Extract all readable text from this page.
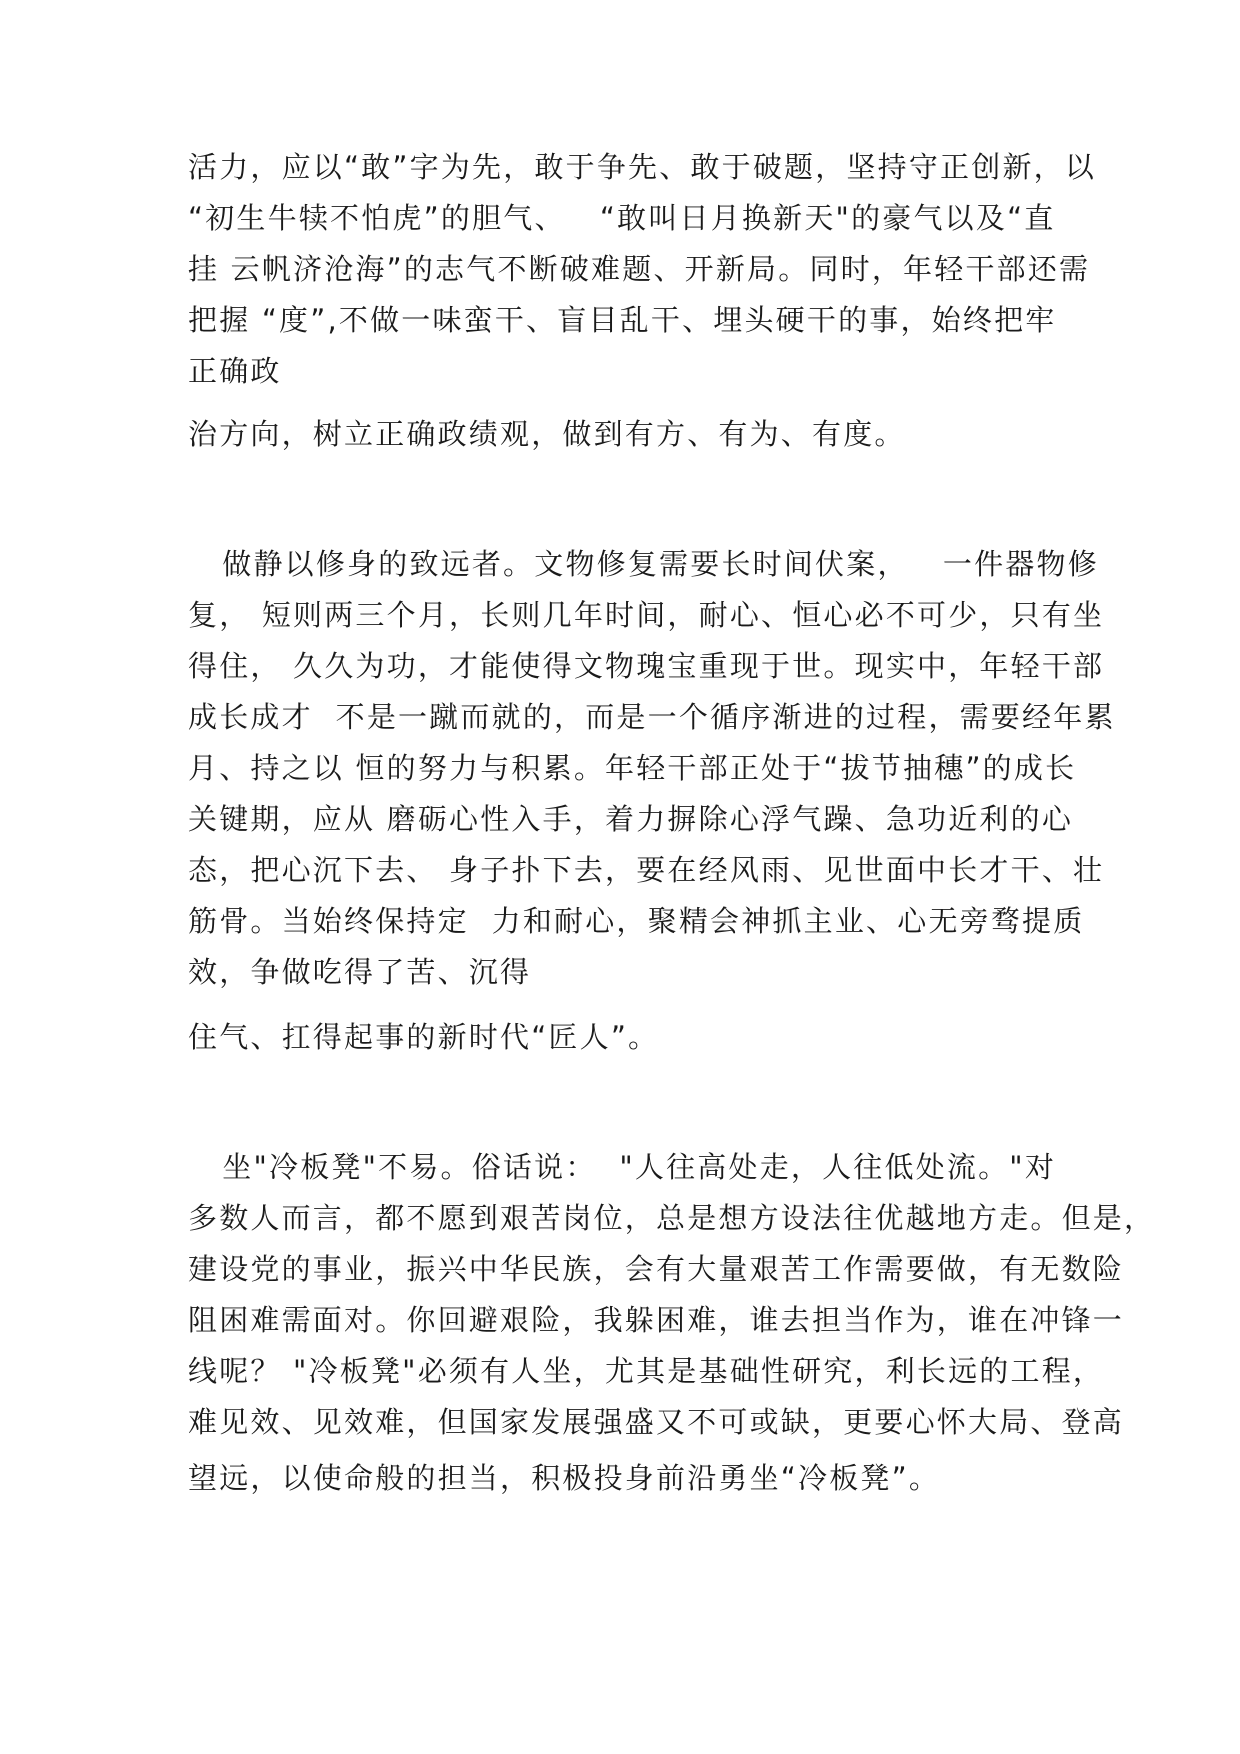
活力，应以“敢”字为先，敢于争先、敢于破题，坚持守正创新，以
“初生牛犊不怕虎”的胆气、   “敢叫日月换新天"的豪气以及“直
挂 云帆济沧海”的志气不断破难题、开新局。同时，年轻干部还需
把握 “度”,不做一味蛮干、盲目乱干、埋头硬干的事，始终把牢
正确政
治方向，树立正确政绩观，做到有方、有为、有度。
做静以修身的致远者。文物修复需要长时间伏案，   一件器物修
复， 短则两三个月，长则几年时间，耐心、恒心必不可少，只有坐
得住， 久久为功，才能使得文物瑰宝重现于世。现实中，年轻干部
成长成才  不是一蹴而就的，而是一个循序渐进的过程，需要经年累
月、持之以 恒的努力与积累。年轻干部正处于“拔节抽穗”的成长
关键期，应从 磨砺心性入手，着力摒除心浮气躁、急功近利的心
态，把心沉下去、 身子扑下去，要在经风雨、见世面中长才干、壮
筋骨。当始终保持定  力和耐心，聚精会神抓主业、心无旁骛提质
效，争做吃得了苦、沉得
住气、扛得起事的新时代“匠人”。
坐"冷板凳"不易。俗话说：  "人往高处走，人往低处流。"对
多数人而言，都不愿到艰苦岗位，总是想方设法往优越地方走。但是，
建设党的事业，振兴中华民族，会有大量艰苦工作需要做，有无数险
阻困难需面对。你回避艰险，我躲困难，谁去担当作为，谁在冲锋一
线呢？ "冷板凳"必须有人坐，尤其是基础性研究，利长远的工程，
难见效、见效难，但国家发展强盛又不可或缺，更要心怀大局、登高
望远，以使命般的担当，积极投身前沿勇坐“冷板凳”。
